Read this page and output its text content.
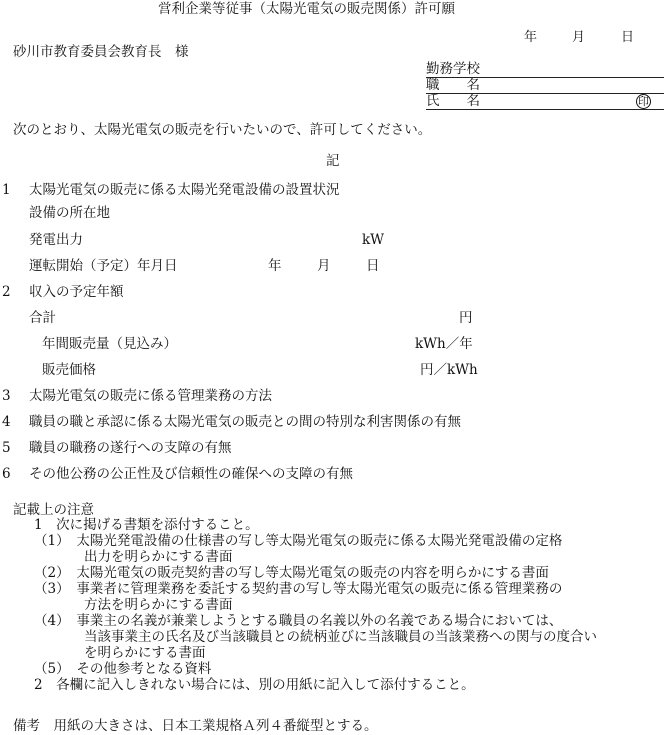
営利企業等従事（太陽光電気の販売関係）許可願
年	月	日
砂川市教育委員会教育長　様
勤務学校
職　　名
氏　　名	印
次のとおり、太陽光電気の販売を行いたいので、許可してください。
記
1 太陽光電気の販売に係る太陽光発電設備の設置状況
設備の所在地
発電出力	kW
運転開始（予定）年月日	年	月	日
2 収入の予定年額
合計	円
年間販売量（見込み）	kWh／年
販売価格	円／kWh
3 太陽光電気の販売に係る管理業務の方法
4 職員の職と承認に係る太陽光電気の販売との間の特別な利害関係の有無
5 職員の職務の遂行への支障の有無
6 その他公務の公正性及び信頼性の確保への支障の有無
記載上の注意
1　次に掲げる書類を添付すること。
（1）　太陽光発電設備の仕様書の写し等太陽光電気の販売に係る太陽光発電設備の定格
出力を明らかにする書面
（2）　太陽光電気の販売契約書の写し等太陽光電気の販売の内容を明らかにする書面
（3）　事業者に管理業務を委託する契約書の写し等太陽光電気の販売に係る管理業務の
方法を明らかにする書面
（4）　事業主の名義が兼業しようとする職員の名義以外の名義である場合においては、
当該事業主の氏名及び当該職員との続柄並びに当該職員の当該業務への関与の度合い
を明らかにする書面
（5）　その他参考となる資料
2　各欄に記入しきれない場合には、別の用紙に記入して添付すること。
備考　用紙の大きさは、日本工業規格Ａ列４番縦型とする。
